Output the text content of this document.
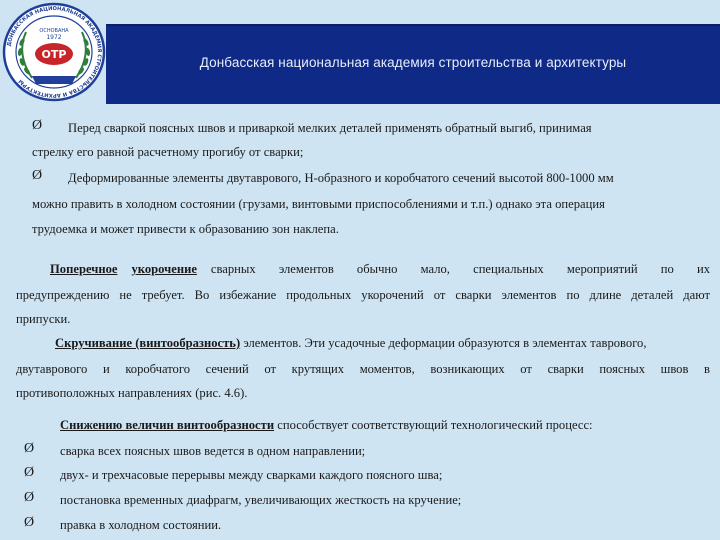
ДОНБАССКАЯ НАЦИОНАЛЬНАЯ АКАДЕМИЯ СТРОИТЕЛЬСТВА И АРХИТЕКТУРЫ
ОСНОВАНА
1972
ОТР
Донбасская национальная академия строительства и архитектуры
Ø Перед сваркой поясных швов и приваркой мелких деталей применять обратный выгиб, принимая
стрелку его равной расчетному прогибу от сварки;
Ø Деформированные элементы двутаврового, Н-образного и коробчатого сечений высотой 800-1000 мм
можно править в холодном состоянии (грузами, винтовыми приспособлениями и т.п.) однако эта операция
трудоемка и может привести к образованию зон наклепа.
Поперечное укорочение сварных элементов обычно мало, специальных мероприятий по их
предупреждению не требует. Во избежание продольных укорочений от сварки элементов по длине деталей дают
припуски.
Скручивание (винтообразность) элементов. Эти усадочные деформации образуются в элементах таврового,
двутаврового и коробчатого сечений от крутящих моментов, возникающих от сварки поясных швов в
противоположных направлениях (рис. 4.6).
Снижению величин винтообразности способствует соответствующий технологический процесс:
Ø сварка всех поясных швов ведется в одном направлении;
Ø двух- и трехчасовые перерывы между сварками каждого поясного шва;
Ø постановка временных диафрагм, увеличивающих жесткость на кручение;
Ø правка в холодном состоянии.
